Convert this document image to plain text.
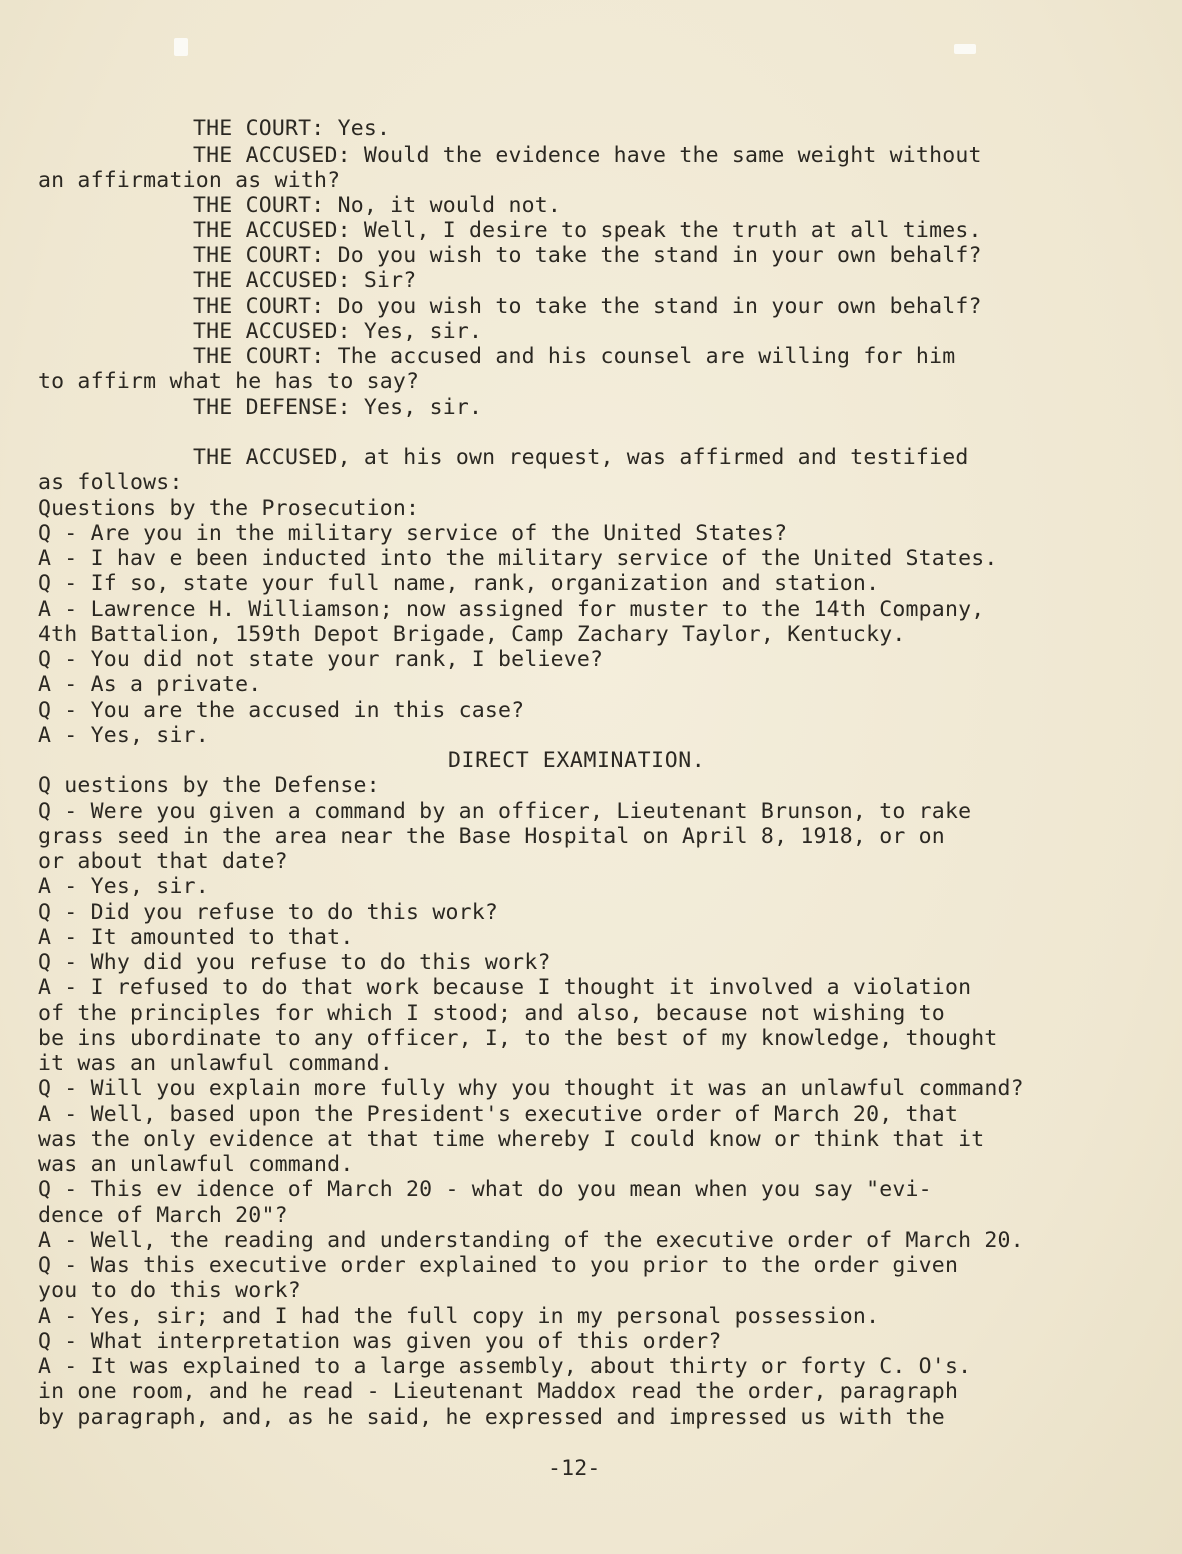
THE COURT: Yes.
THE ACCUSED: Would the evidence have the same weight without
an affirmation as with?
THE COURT: No, it would not.
THE ACCUSED: Well, I desire to speak the truth at all times.
THE COURT: Do you wish to take the stand in your own behalf?
THE ACCUSED: Sir?
THE COURT: Do you wish to take the stand in your own behalf?
THE ACCUSED: Yes, sir.
THE COURT: The accused and his counsel are willing for him
to affirm what he has to say?
THE DEFENSE: Yes, sir.
THE ACCUSED, at his own request, was affirmed and testified
as follows:
Questions by the Prosecution:
Q - Are you in the military service of the United States?
A - I hav e been inducted into the military service of the United States.
Q - If so, state your full name, rank, organization and station.
A - Lawrence H. Williamson; now assigned for muster to the 14th Company,
4th Battalion, 159th Depot Brigade, Camp Zachary Taylor, Kentucky.
Q - You did not state your rank, I believe?
A - As a private.
Q - You are the accused in this case?
A - Yes, sir.
DIRECT EXAMINATION.
Q uestions by the Defense:
Q - Were you given a command by an officer, Lieutenant Brunson, to rake
grass seed in the area near the Base Hospital on April 8, 1918, or on
or about that date?
A - Yes, sir.
Q - Did you refuse to do this work?
A - It amounted to that.
Q - Why did you refuse to do this work?
A - I refused to do that work because I thought it involved a violation
of the principles for which I stood; and also, because not wishing to
be ins ubordinate to any officer, I, to the best of my knowledge, thought
it was an unlawful command.
Q - Will you explain more fully why you thought it was an unlawful command?
A - Well, based upon the President's executive order of March 20, that
was the only evidence at that time whereby I could know or think that it
was an unlawful command.
Q - This ev idence of March 20 - what do you mean when you say "evi-
dence of March 20"?
A - Well, the reading and understanding of the executive order of March 20.
Q - Was this executive order explained to you prior to the order given
you to do this work?
A - Yes, sir; and I had the full copy in my personal possession.
Q - What interpretation was given you of this order?
A - It was explained to a large assembly, about thirty or forty C. O's.
in one room, and he read - Lieutenant Maddox read the order, paragraph
by paragraph, and, as he said, he expressed and impressed us with the
-12-
